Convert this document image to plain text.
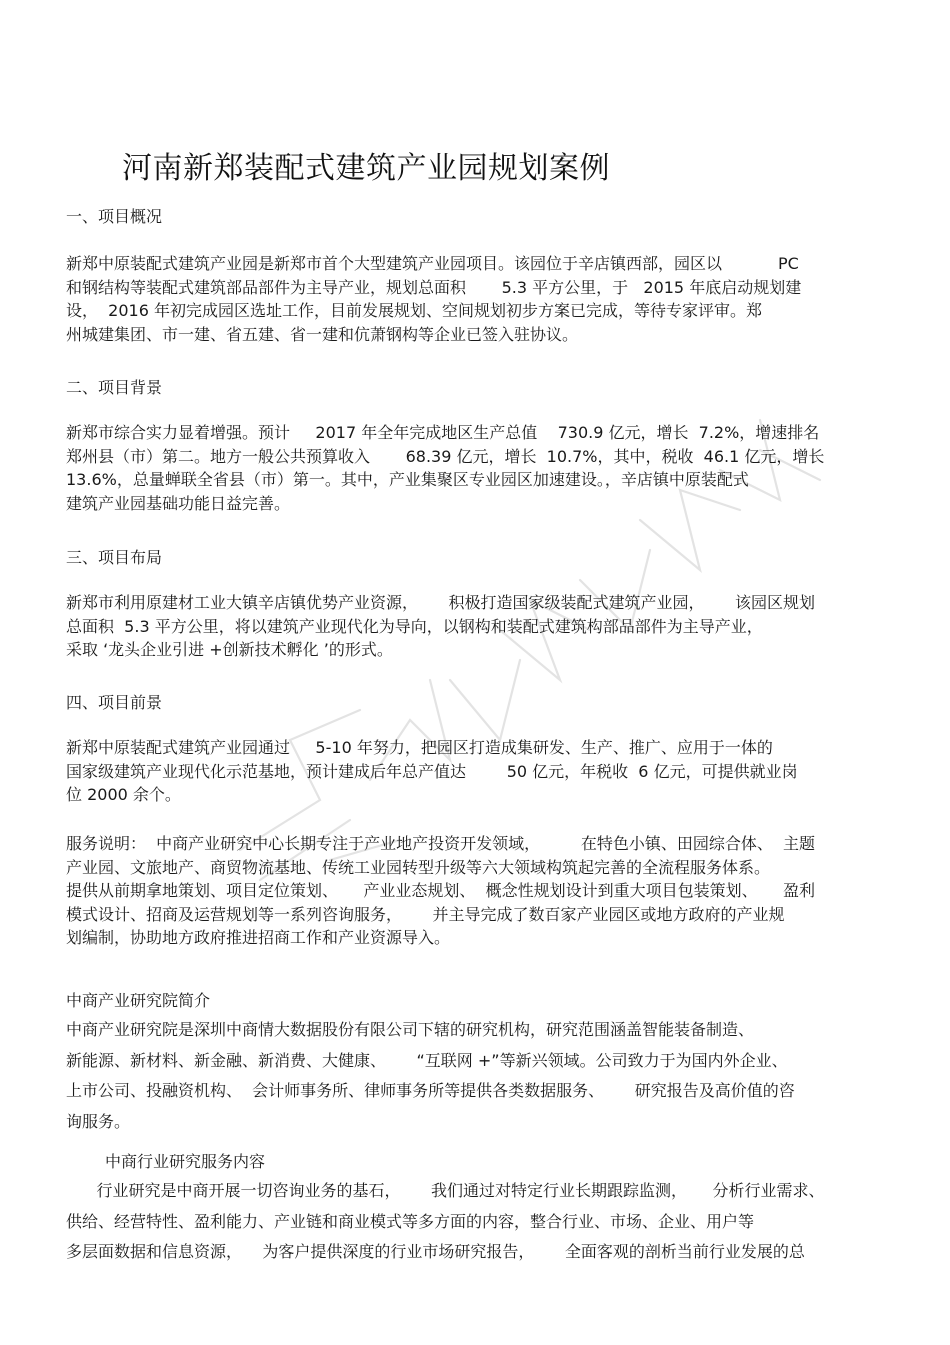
河南新郑装配式建筑产业园规划案例
一、项目概况
新郑中原装配式建筑产业园是新郑市首个大型建筑产业园项目。该园位于辛店镇西部，园区以           PC
和钢结构等装配式建筑部品部件为主导产业，规划总面积       5.3 平方公里，于   2015 年底启动规划建
设，  2016 年初完成园区选址工作，目前发展规划、空间规划初步方案已完成，等待专家评审。郑
州城建集团、市一建、省五建、省一建和伉萧钢构等企业已签入驻协议。
二、项目背景
新郑市综合实力显着增强。预计     2017 年全年完成地区生产总值    730.9 亿元，增长  7.2%，增速排名
郑州县（市）第二。地方一般公共预算收入       68.39 亿元，增长  10.7%，其中，税收  46.1 亿元，增长
13.6%，总量蝉联全省县（市）第一。其中，产业集聚区专业园区加速建设。，辛店镇中原装配式
建筑产业园基础功能日益完善。
三、项目布局
新郑市利用原建材工业大镇辛店镇优势产业资源，      积极打造国家级装配式建筑产业园，      该园区规划
总面积  5.3 平方公里，将以建筑产业现代化为导向，以钢构和装配式建筑构部品部件为主导产业，
采取 ‘龙头企业引进 +创新技术孵化 ’的形式。
四、项目前景
新郑中原装配式建筑产业园通过     5-10 年努力，把园区打造成集研发、生产、推广、应用于一体的
国家级建筑产业现代化示范基地，预计建成后年总产值达        50 亿元，年税收  6 亿元，可提供就业岗
位 2000 余个。
服务说明：  中商产业研究中心长期专注于产业地产投资开发领域，        在特色小镇、田园综合体、  主题
产业园、文旅地产、商贸物流基地、传统工业园转型升级等六大领域构筑起完善的全流程服务体系。
提供从前期拿地策划、项目定位策划、     产业业态规划、  概念性规划设计到重大项目包装策划、     盈利
模式设计、招商及运营规划等一系列咨询服务，      并主导完成了数百家产业园区或地方政府的产业规
划编制，协助地方政府推进招商工作和产业资源导入。
中商产业研究院简介
中商产业研究院是深圳中商情大数据股份有限公司下辖的研究机构，研究范围涵盖智能装备制造、
新能源、新材料、新金融、新消费、大健康、      “互联网 +”等新兴领域。公司致力于为国内外企业、
上市公司、投融资机构、  会计师事务所、律师事务所等提供各类数据服务、      研究报告及高价值的咨
询服务。
中商行业研究服务内容
行业研究是中商开展一切咨询业务的基石，      我们通过对特定行业长期跟踪监测，     分析行业需求、
供给、经营特性、盈利能力、产业链和商业模式等多方面的内容，整合行业、市场、企业、用户等
多层面数据和信息资源，    为客户提供深度的行业市场研究报告，      全面客观的剖析当前行业发展的总
